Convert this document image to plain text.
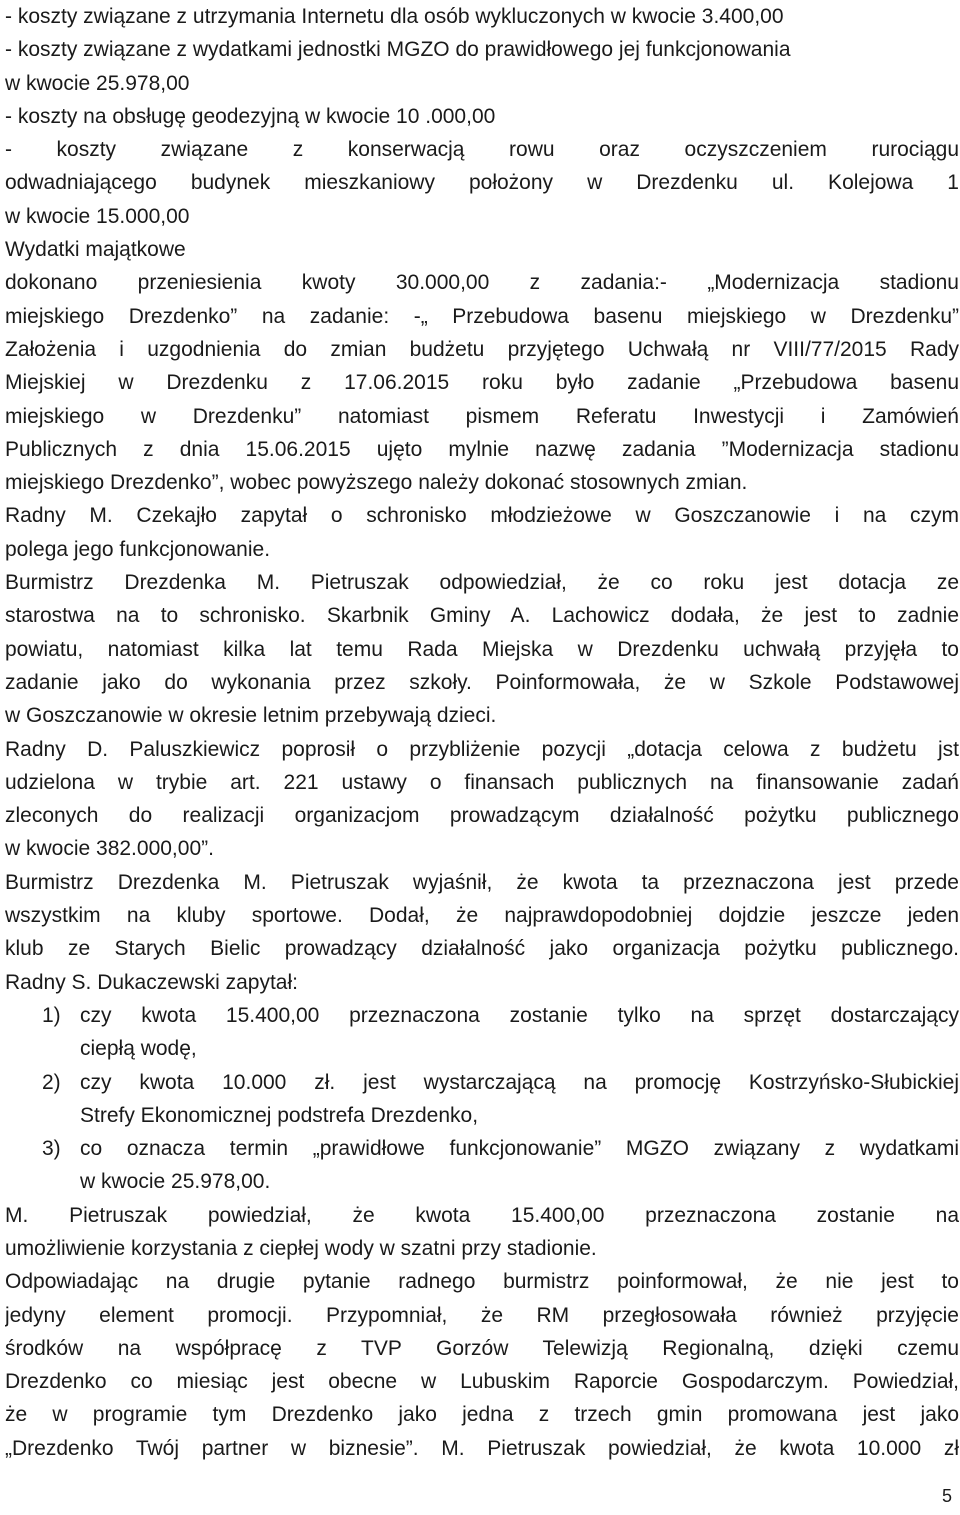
- koszty związane z utrzymania Internetu dla osób wykluczonych w kwocie 3.400,00
- koszty związane z wydatkami jednostki MGZO do prawidłowego jej funkcjonowania
w kwocie 25.978,00
- koszty na obsługę geodezyjną w kwocie 10 .000,00
- koszty związane z konserwacją rowu oraz oczyszczeniem rurociągu
odwadniającego budynek mieszkaniowy położony w Drezdenku ul. Kolejowa 1
w kwocie 15.000,00
Wydatki majątkowe
dokonano przeniesienia kwoty 30.000,00 z zadania:- „Modernizacja stadionu
miejskiego Drezdenko” na zadanie: -„ Przebudowa basenu miejskiego w Drezdenku”
Założenia i uzgodnienia do zmian budżetu przyjętego Uchwałą nr VIII/77/2015 Rady
Miejskiej w Drezdenku z 17.06.2015 roku było zadanie „Przebudowa basenu
miejskiego w Drezdenku” natomiast pismem Referatu Inwestycji i Zamówień
Publicznych z dnia 15.06.2015 ujęto mylnie nazwę zadania ”Modernizacja stadionu
miejskiego Drezdenko”, wobec powyższego należy dokonać stosownych zmian.
Radny M. Czekajło zapytał o schronisko młodzieżowe w Goszczanowie i na czym
polega jego funkcjonowanie.
Burmistrz Drezdenka M. Pietruszak odpowiedział, że co roku jest dotacja ze
starostwa na to schronisko. Skarbnik Gminy A. Lachowicz dodała, że jest to zadnie
powiatu, natomiast kilka lat temu Rada Miejska w Drezdenku uchwałą przyjęła to
zadanie jako do wykonania przez szkoły. Poinformowała, że w Szkole Podstawowej
w Goszczanowie w okresie letnim przebywają dzieci.
Radny D. Paluszkiewicz poprosił o przybliżenie pozycji „dotacja celowa z budżetu jst
udzielona w trybie art. 221 ustawy o finansach publicznych na finansowanie zadań
zleconych do realizacji organizacjom prowadzącym działalność pożytku publicznego
w kwocie 382.000,00”.
Burmistrz Drezdenka M. Pietruszak wyjaśnił, że kwota ta przeznaczona jest przede
wszystkim na kluby sportowe. Dodał, że najprawdopodobniej dojdzie jeszcze jeden
klub ze Starych Bielic prowadzący działalność jako organizacja pożytku publicznego.
Radny S. Dukaczewski zapytał:
1) czy kwota 15.400,00 przeznaczona zostanie tylko na sprzęt dostarczający
ciepłą wodę,
2) czy kwota 10.000 zł. jest wystarczającą na promocję Kostrzyńsko-Słubickiej
Strefy Ekonomicznej podstrefa Drezdenko,
3) co oznacza termin „prawidłowe funkcjonowanie” MGZO związany z wydatkami
w kwocie 25.978,00.
M. Pietruszak powiedział, że kwota 15.400,00 przeznaczona zostanie na
umożliwienie korzystania z ciepłej wody w szatni przy stadionie.
Odpowiadając na drugie pytanie radnego burmistrz poinformował, że nie jest to
jedyny element promocji. Przypomniał, że RM przegłosowała również przyjęcie
środków na współpracę z TVP Gorzów Telewizją Regionalną, dzięki czemu
Drezdenko co miesiąc jest obecne w Lubuskim Raporcie Gospodarczym. Powiedział,
że w programie tym Drezdenko jako jedna z trzech gmin promowana jest jako
„Drezdenko Twój partner w biznesie”. M. Pietruszak powiedział, że kwota 10.000 zł
5
